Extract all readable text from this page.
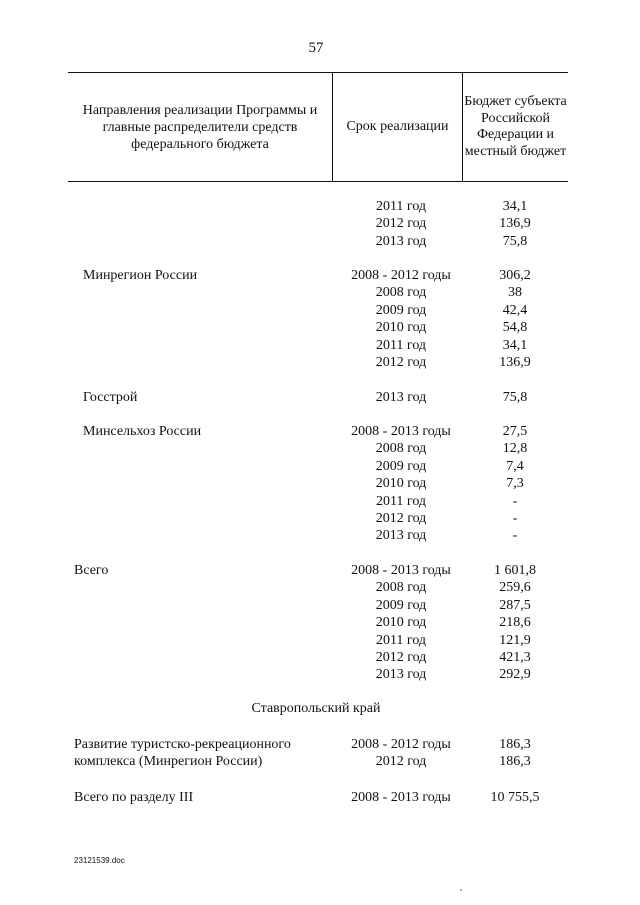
57
Направления реализации Программы и главные распределители средств федерального бюджета
Срок реализации
Бюджет субъекта Российской Федерации и местный бюджет
2011 год	34,1
2012 год	136,9
2013 год	75,8
Минрегион России	2008 - 2012 годы	306,2
2008 год	38
2009 год	42,4
2010 год	54,8
2011 год	34,1
2012 год	136,9
Госстрой	2013 год	75,8
Минсельхоз России	2008 - 2013 годы	27,5
2008 год	12,8
2009 год	7,4
2010 год	7,3
2011 год	-
2012 год	-
2013 год	-
Всего	2008 - 2013 годы	1 601,8
2008 год	259,6
2009 год	287,5
2010 год	218,6
2011 год	121,9
2012 год	421,3
2013 год	292,9
Развитие туристско-рекреационного	2008 - 2012 годы	186,3
комплекса (Минрегион России)	2012 год	186,3
Всего по разделу III	2008 - 2013 годы	10 755,5
Ставропольский край
23121539.doc
